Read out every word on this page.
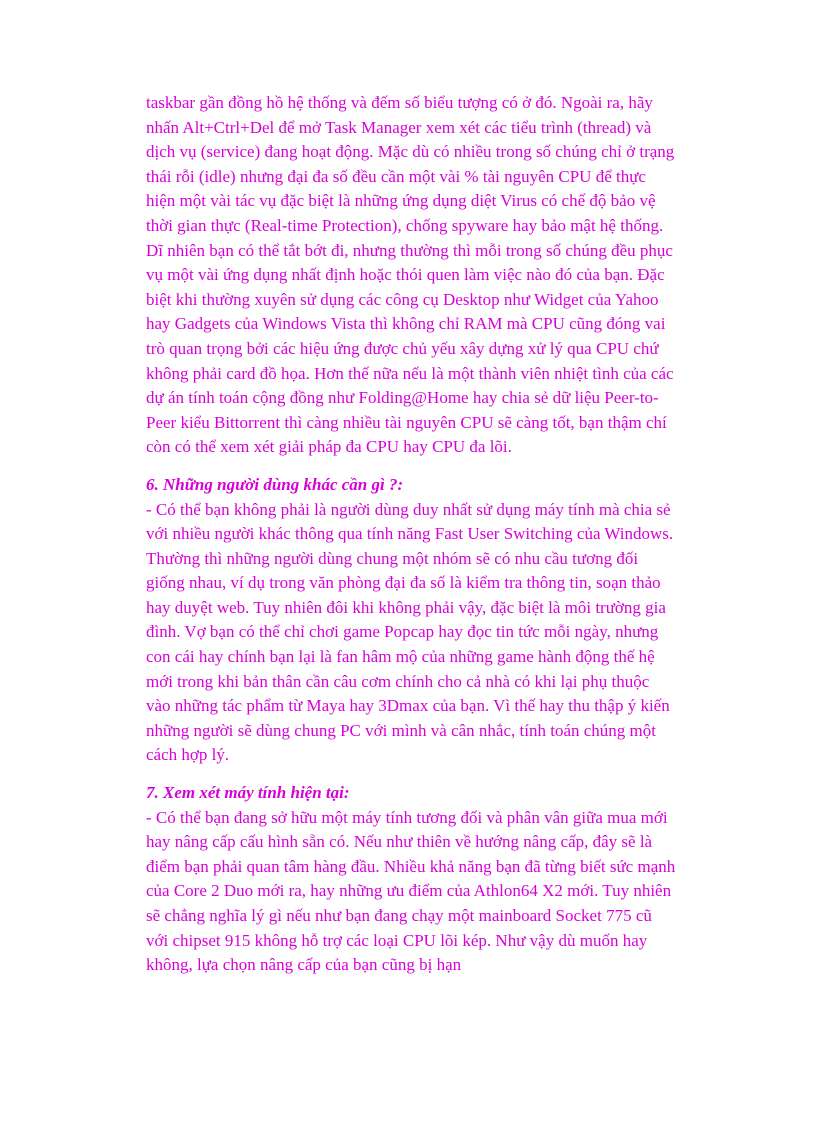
taskbar gần đồng hồ hệ thống và đếm số biểu tượng có ở đó. Ngoài ra, hãy nhấn Alt+Ctrl+Del để mở Task Manager xem xét các tiểu trình (thread) và dịch vụ (service) đang hoạt động. Mặc dù có nhiều trong số chúng chỉ ở trạng thái rỗi (idle) nhưng đại đa số đều cần một vài % tài nguyên CPU để thực hiện một vài tác vụ đặc biệt là những ứng dụng diệt Virus có chế độ bảo vệ thời gian thực (Real-time Protection), chống spyware hay bảo mật hệ thống. Dĩ nhiên bạn có thể tắt bớt đi, nhưng thường thì mỗi trong số chúng đều phục vụ một vài ứng dụng nhất định hoặc thói quen làm việc nào đó của bạn. Đặc biệt khi thường xuyên sử dụng các công cụ Desktop như Widget của Yahoo hay Gadgets của Windows Vista thì không chỉ RAM mà CPU cũng đóng vai trò quan trọng bởi các hiệu ứng được chủ yếu xây dựng xử lý qua CPU chứ không phải card đồ họa. Hơn thế nữa nếu là một thành viên nhiệt tình của các dự án tính toán cộng đồng như Folding@Home hay chia sẻ dữ liệu Peer-to-Peer kiểu Bittorrent thì càng nhiều tài nguyên CPU sẽ càng tốt, bạn thậm chí còn có thể xem xét giải pháp đa CPU hay CPU đa lõi.

6. Những người dùng khác cần gì ?:

- Có thể bạn không phải là người dùng duy nhất sử dụng máy tính mà chia sẻ với nhiều người khác thông qua tính năng Fast User Switching của Windows. Thường thì những người dùng chung một nhóm sẽ có nhu cầu tương đối giống nhau, ví dụ trong văn phòng đại đa số là kiểm tra thông tin, soạn thảo hay duyệt web. Tuy nhiên đôi khi không phải vậy, đặc biệt là môi trường gia đình. Vợ bạn có thể chỉ chơi game Popcap hay đọc tin tức mỗi ngày, nhưng con cái hay chính bạn lại là fan hâm mộ của những game hành động thế hệ mới trong khi bản thân cần câu cơm chính cho cả nhà có khi lại phụ thuộc vào những tác phẩm từ Maya hay 3Dmax của bạn. Vì thế hay thu thập ý kiến những người sẽ dùng chung PC với mình và cân nhắc, tính toán chúng một cách hợp lý.

7. Xem xét máy tính hiện tại:

- Có thể bạn đang sở hữu một máy tính tương đối và phân vân giữa mua mới hay nâng cấp cấu hình sẵn có. Nếu như thiên về hướng nâng cấp, đây sẽ là điểm bạn phải quan tâm hàng đầu. Nhiều khả năng bạn đã từng biết sức mạnh của Core 2 Duo mới ra, hay những ưu điểm của Athlon64 X2 mới. Tuy nhiên sẽ chẳng nghĩa lý gì nếu như bạn đang chạy một mainboard Socket 775 cũ với chipset 915 không hỗ trợ các loại CPU lõi kép. Như vậy dù muốn hay không, lựa chọn nâng cấp của bạn cũng bị hạn
